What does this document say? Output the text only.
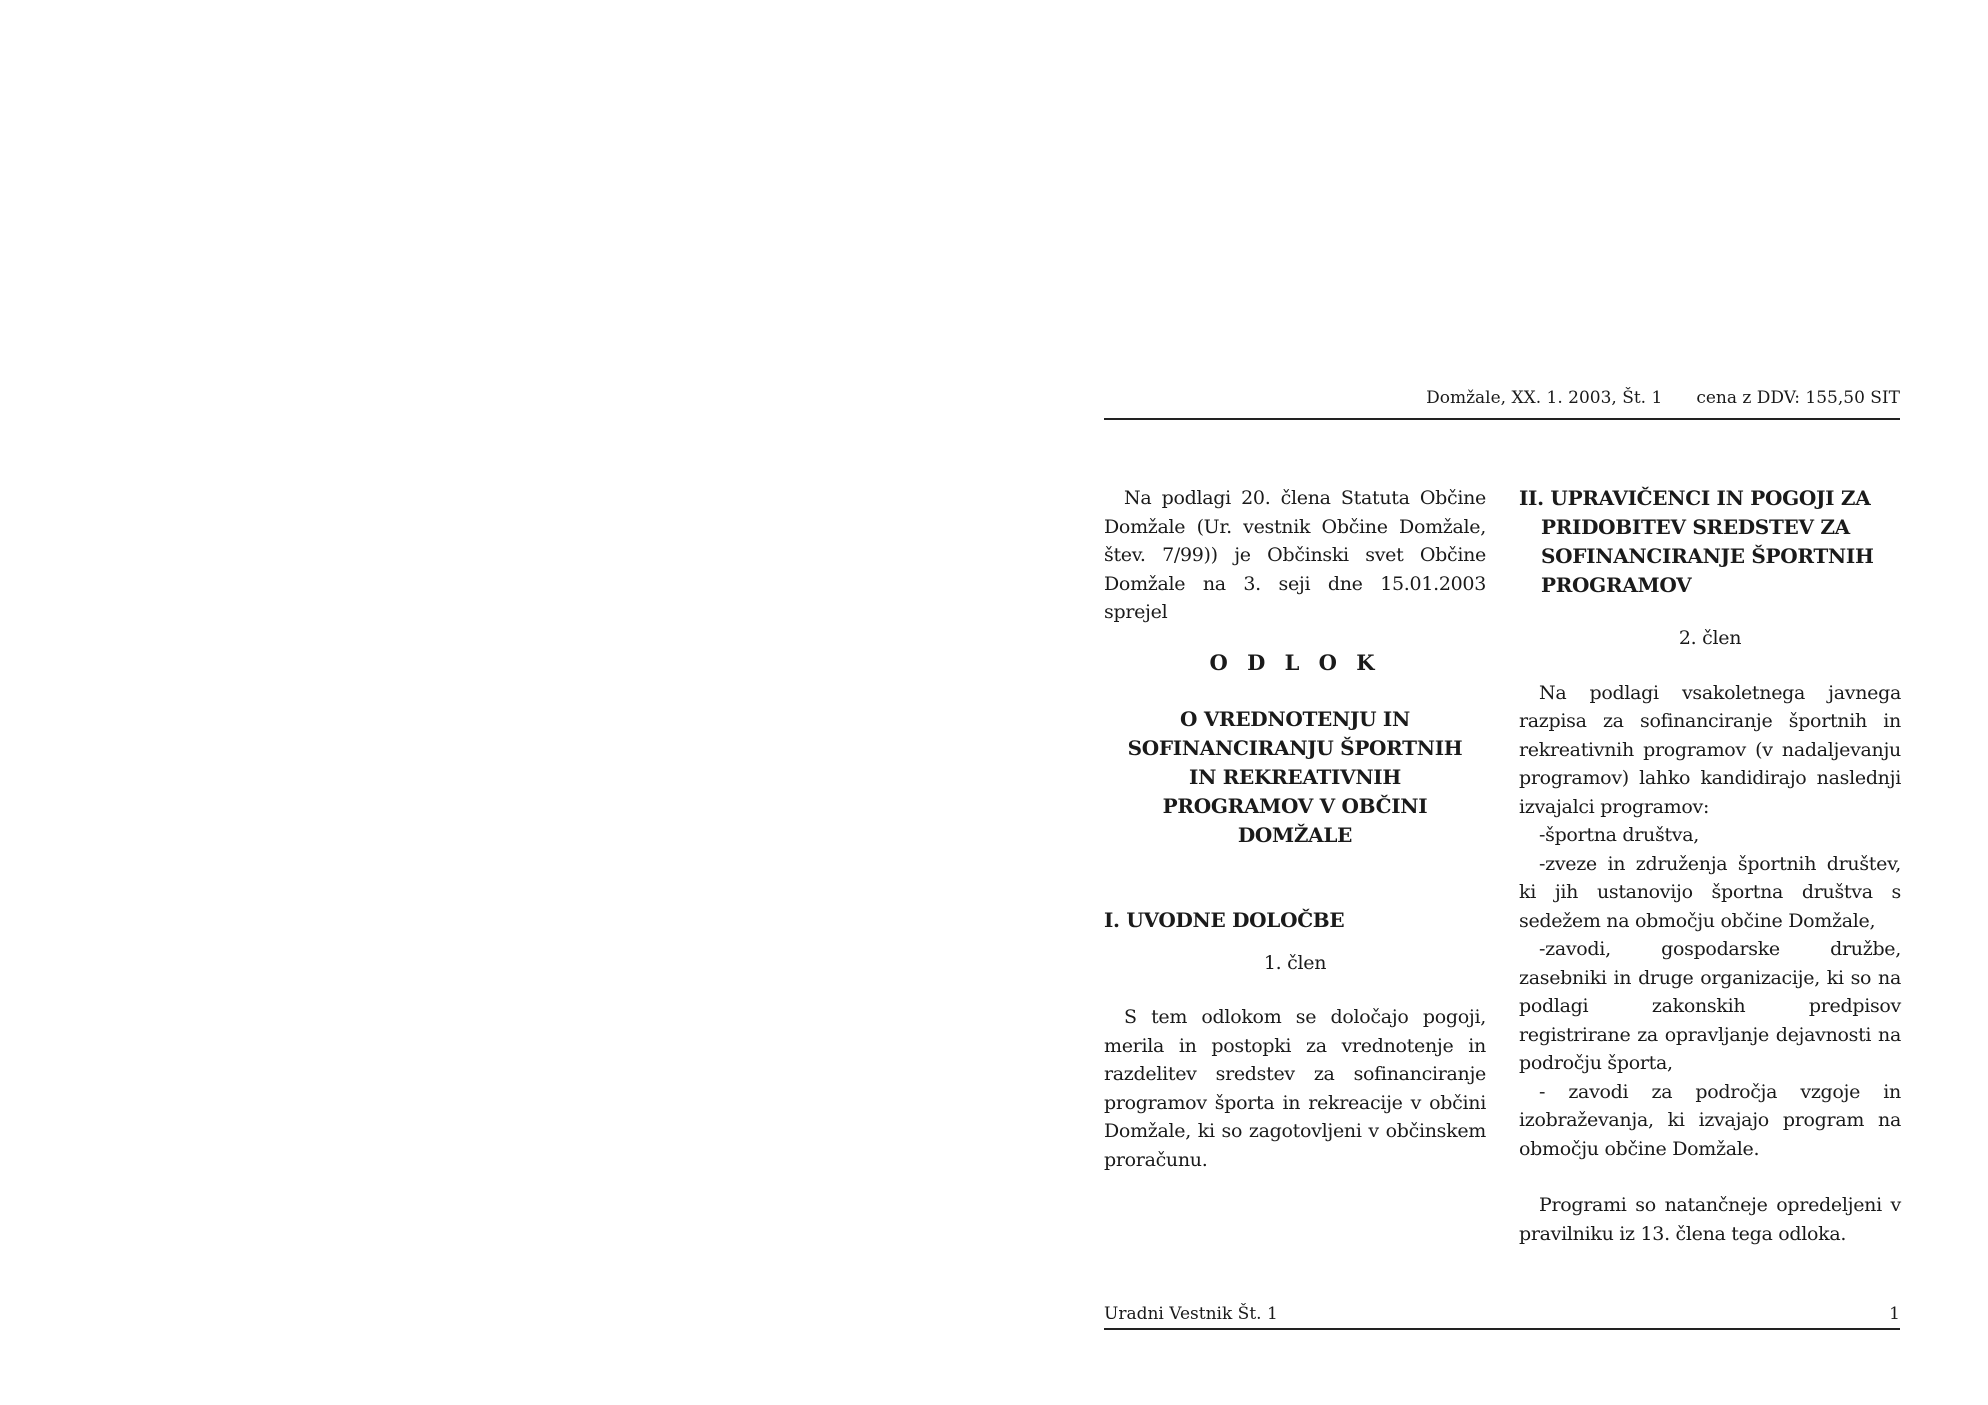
Domžale, XX. 1. 2003, Št. 1 cena z DDV: 155,50 SIT

Na podlagi 20. člena Statuta Občine Domžale (Ur. vestnik Občine Domžale, štev. 7/99)) je Občinski svet Občine Domžale na 3. seji dne 15.01.2003 sprejel

O D L O K

O VREDNOTENJU IN SOFINANCIRANJU ŠPORTNIH IN REKREATIVNIH PROGRAMOV V OBČINI DOMŽALE

I. UVODNE DOLOČBE

1. člen

S tem odlokom se določajo pogoji, merila in postopki za vrednotenje in razdelitev sredstev za sofinanciranje programov športa in rekreacije v občini Domžale, ki so zagotovljeni v občinskem proračunu.

II. UPRAVIČENCI IN POGOJI ZA PRIDOBITEV SREDSTEV ZA SOFINANCIRANJE ŠPORTNIH PROGRAMOV

2. člen

Na podlagi vsakoletnega javnega razpisa za sofinanciranje športnih in rekreativnih programov (v nadaljevanju programov) lahko kandidirajo naslednji izvajalci programov:

-športna društva,

-zveze in združenja športnih društev, ki jih ustanovijo športna društva s sedežem na območju občine Domžale,

-zavodi, gospodarske družbe, zasebniki in druge organizacije, ki so na podlagi zakonskih predpisov registrirane za opravljanje dejavnosti na področju športa,

- zavodi za področja vzgoje in izobraževanja, ki izvajajo program na območju občine Domžale.

Programi so natančneje opredeljeni v pravilniku iz 13. člena tega odloka.

Uradni Vestnik Št. 1	1
